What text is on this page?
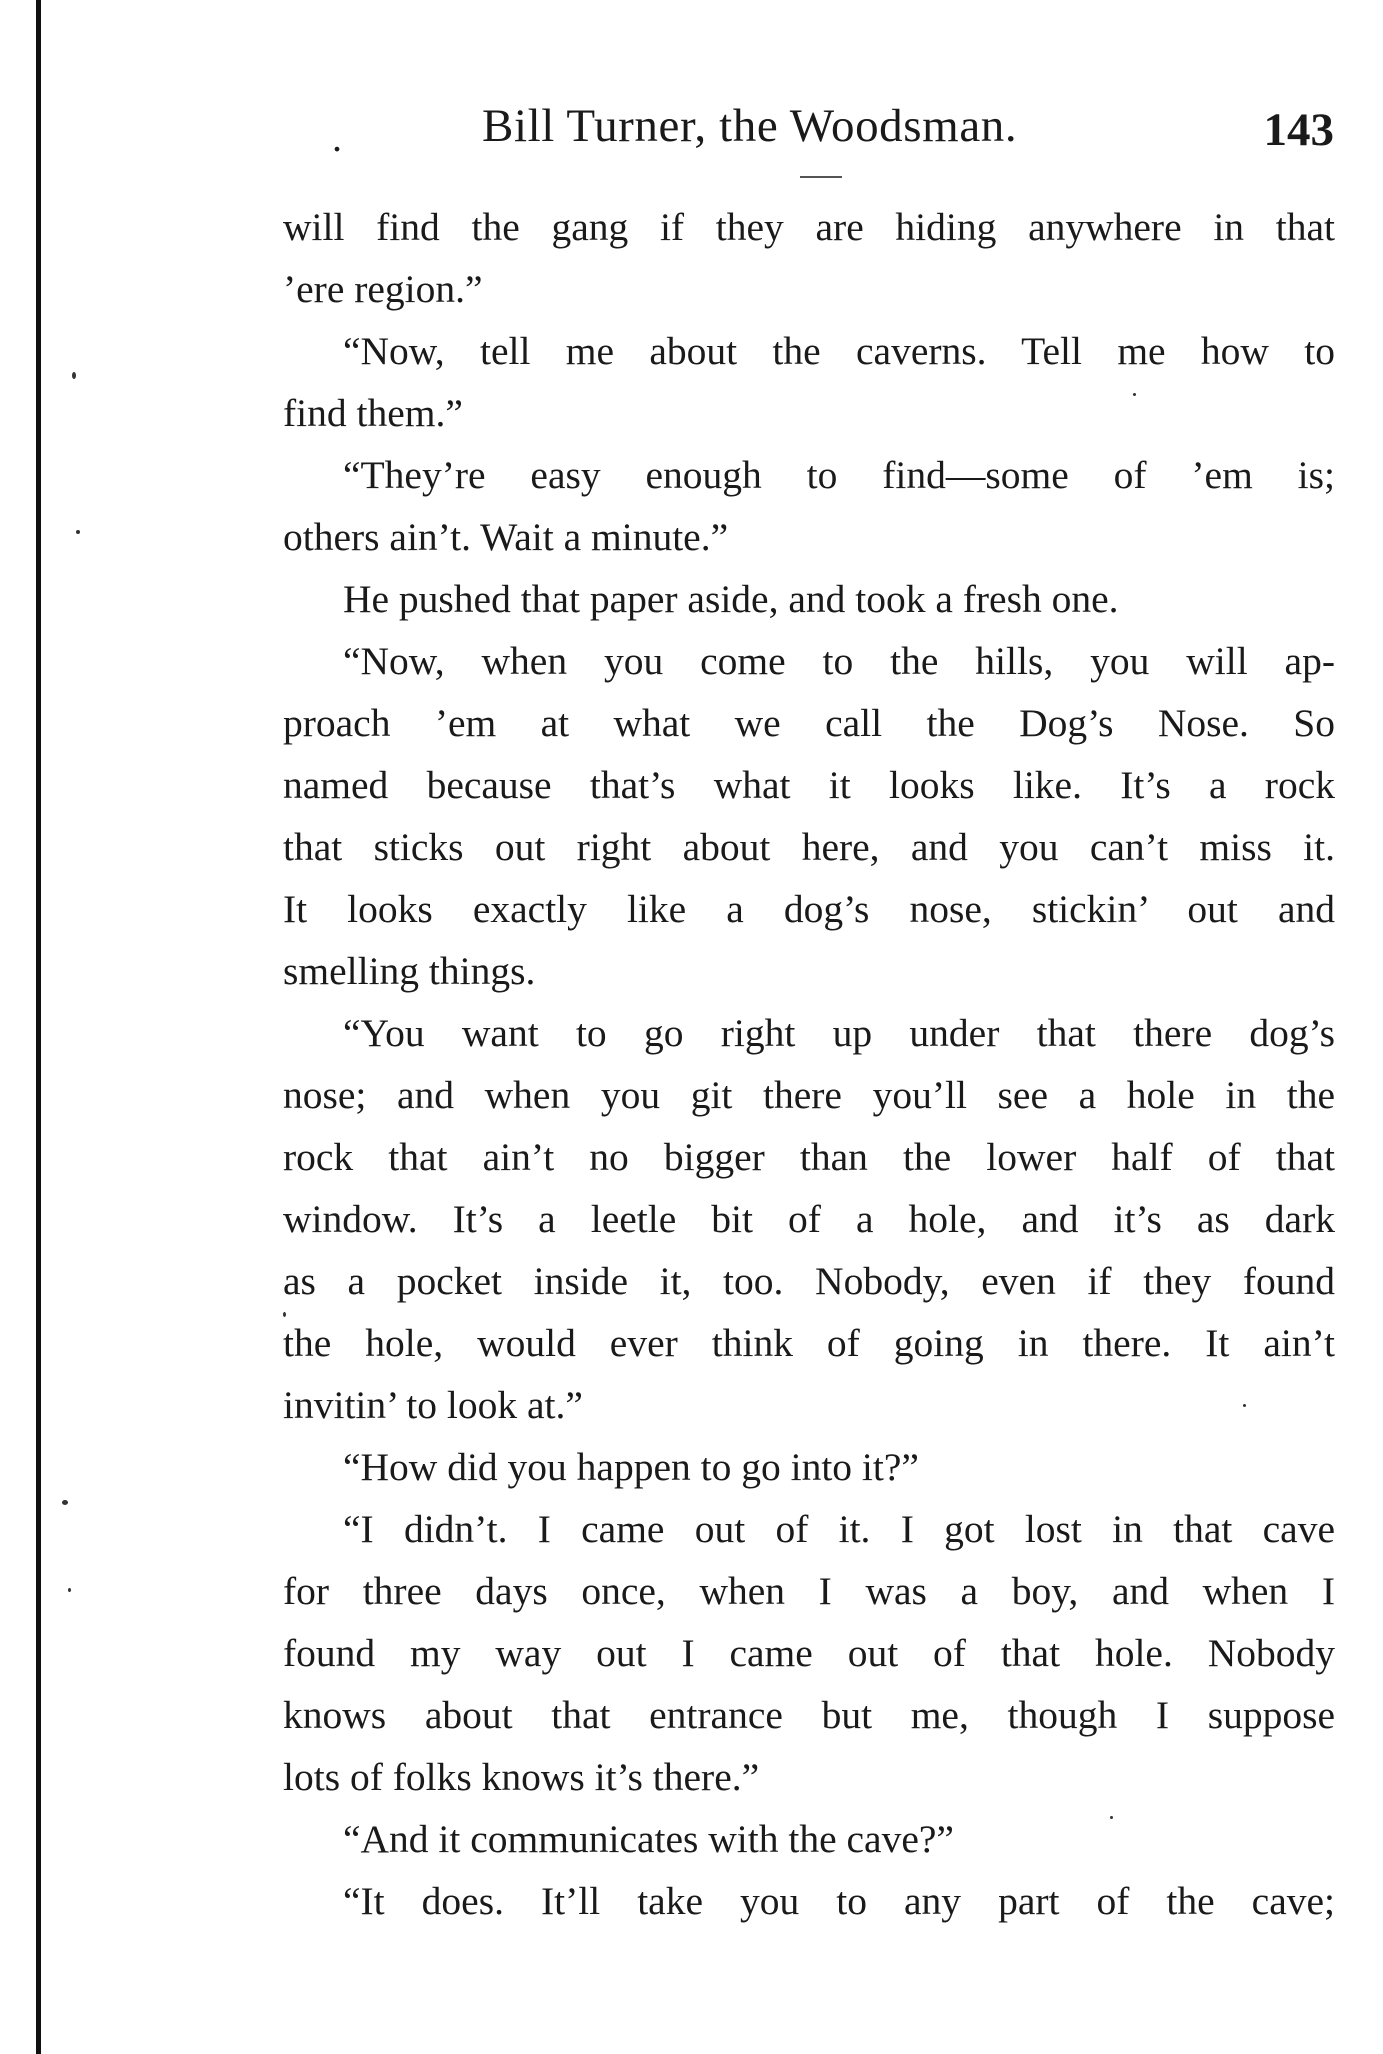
.	Bill Turner, the Woodsman.	143
will find the gang if they are hiding anywhere in that
’ere region.”
“Now, tell me about the caverns. Tell me how to
find them.”
“They’re easy enough to find—some of ’em is;
others ain’t. Wait a minute.”
He pushed that paper aside, and took a fresh one.
“Now, when you come to the hills, you will ap-
proach ’em at what we call the Dog’s Nose. So
named because that’s what it looks like. It’s a rock
that sticks out right about here, and you can’t miss it.
It looks exactly like a dog’s nose, stickin’ out and
smelling things.
“You want to go right up under that there dog’s
nose; and when you git there you’ll see a hole in the
rock that ain’t no bigger than the lower half of that
window. It’s a leetle bit of a hole, and it’s as dark
as a pocket inside it, too. Nobody, even if they found
the hole, would ever think of going in there. It ain’t
invitin’ to look at.”
“How did you happen to go into it?”
“I didn’t. I came out of it. I got lost in that cave
for three days once, when I was a boy, and when I
found my way out I came out of that hole. Nobody
knows about that entrance but me, though I suppose
lots of folks knows it’s there.”
“And it communicates with the cave?”
“It does. It’ll take you to any part of the cave;
